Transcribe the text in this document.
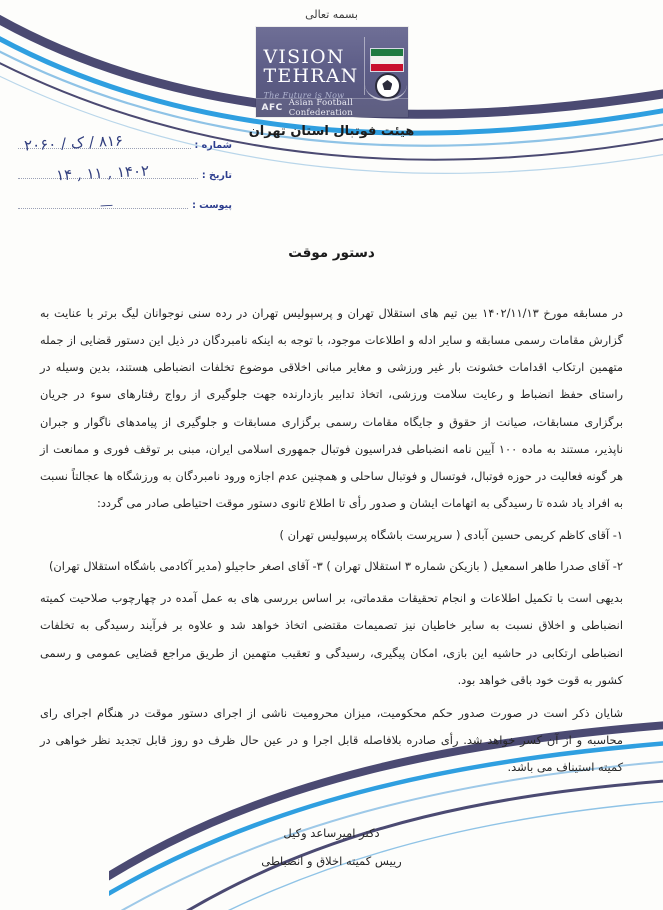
بسمه تعالی
VISION
TEHRAN
The Future is Now
AFC Asian Football Confederation
هیئت فوتبال استان تهران
شماره :
تاریخ :
پیوست :
۸۱۶ / ک / ۲۰۶۰
۱۴۰۲ , ۱۱ , ۱۴
—
دستور موقت

در مسابقه مورخ ۱۴۰۲/۱۱/۱۳ بین تیم های استقلال تهران و پرسپولیس تهران در رده سنی نوجوانان لیگ برتر با عنایت به گزارش مقامات رسمی مسابقه و سایر ادله و اطلاعات موجود، با توجه به اینکه نامبردگان در ذیل این دستور قضایی از جمله متهمین ارتکاب اقدامات خشونت بار غیر ورزشی و مغایر مبانی اخلاقی موضوع تخلفات انضباطی هستند، بدین وسیله در راستای حفظ انضباط و رعایت سلامت ورزشی، اتخاذ تدابیر بازدارنده جهت جلوگیری از رواج رفتارهای سوء در جریان برگزاری مسابقات، صیانت از حقوق و جایگاه مقامات رسمی برگزاری مسابقات و جلوگیری از پیامدهای ناگوار و جبران ناپذیر، مستند به ماده ۱۰۰ آیین نامه انضباطی فدراسیون فوتبال جمهوری اسلامی ایران، مبنی بر توقف فوری و ممانعت از هر گونه فعالیت در حوزه فوتبال، فوتسال و فوتبال ساحلی و همچنین عدم اجازه ورود نامبردگان به ورزشگاه ها عجالتاً نسبت به افراد یاد شده تا رسیدگی به اتهامات ایشان و صدور رأی تا اطلاع ثانوی دستور موقت احتیاطی صادر می گردد:

۱- آقای کاظم کریمی حسین آبادی ( سرپرست باشگاه پرسپولیس تهران )

۲- آقای صدرا طاهر اسمعیل ( بازیکن شماره ۳ استقلال تهران ) ۳- آقای اصغر حاجیلو (مدیر آکادمی باشگاه استقلال تهران)

بدیهی است با تکمیل اطلاعات و انجام تحقیقات مقدماتی، بر اساس بررسی های به عمل آمده در چهارچوب صلاحیت کمیته انضباطی و اخلاق نسبت به سایر خاطیان نیز تصمیمات مقتضی اتخاذ خواهد شد و علاوه بر فرآیند رسیدگی به تخلفات انضباطی ارتکابی در حاشیه این بازی، امکان پیگیری، رسیدگی و تعقیب متهمین از طریق مراجع قضایی عمومی و رسمی کشور به قوت خود باقی خواهد بود.

شایان ذکر است در صورت صدور حکم محکومیت، میزان محرومیت ناشی از اجرای دستور موقت در هنگام اجرای رای محاسبه و از آن کسر خواهد شد. رأی صادره بلافاصله قابل اجرا و در عین حال ظرف دو روز قابل تجدید نظر خواهی در کمیته استیناف می باشد.

دکتر امیرساعد وکیل
رییس کمیته اخلاق و انضباطی
